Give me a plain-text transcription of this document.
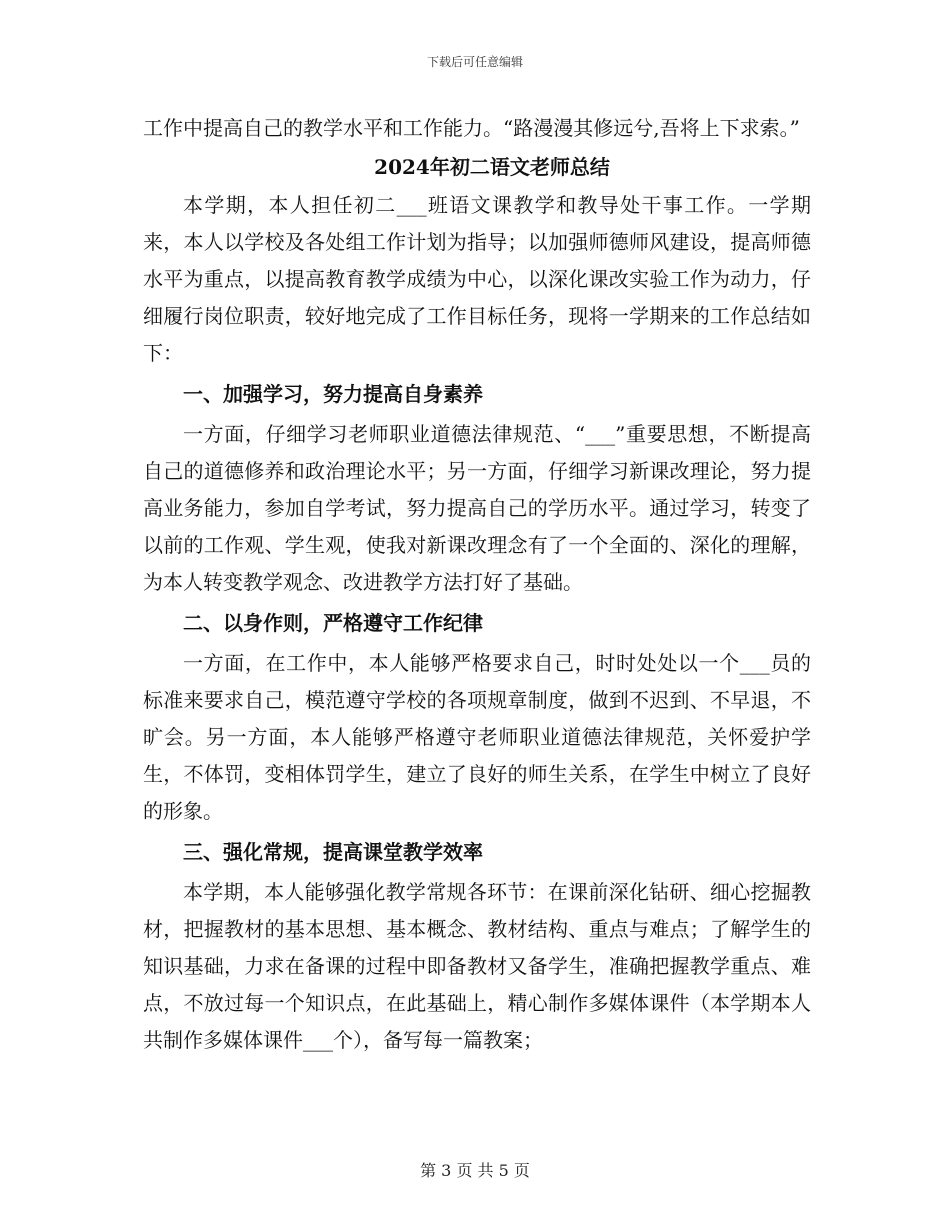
下载后可任意编辑

工作中提高自己的教学水平和工作能力。“路漫漫其修远兮,吾将上下求索。”

2024年初二语文老师总结

本学期，本人担任初二___班语文课教学和教导处干事工作。一学期来，本人以学校及各处组工作计划为指导；以加强师德师风建设，提高师德水平为重点，以提高教育教学成绩为中心，以深化课改实验工作为动力，仔细履行岗位职责，较好地完成了工作目标任务，现将一学期来的工作总结如下：

一、加强学习，努力提高自身素养

一方面，仔细学习老师职业道德法律规范、“___”重要思想，不断提高自己的道德修养和政治理论水平；另一方面，仔细学习新课改理论，努力提高业务能力，参加自学考试，努力提高自己的学历水平。通过学习，转变了以前的工作观、学生观，使我对新课改理念有了一个全面的、深化的理解，为本人转变教学观念、改进教学方法打好了基础。

二、以身作则，严格遵守工作纪律

一方面，在工作中，本人能够严格要求自己，时时处处以一个___员的标准来要求自己，模范遵守学校的各项规章制度，做到不迟到、不早退，不旷会。另一方面，本人能够严格遵守老师职业道德法律规范，关怀爱护学生，不体罚，变相体罚学生，建立了良好的师生关系，在学生中树立了良好的形象。

三、强化常规，提高课堂教学效率

本学期，本人能够强化教学常规各环节：在课前深化钻研、细心挖掘教材，把握教材的基本思想、基本概念、教材结构、重点与难点；了解学生的知识基础，力求在备课的过程中即备教材又备学生，准确把握教学重点、难点，不放过每一个知识点，在此基础上，精心制作多媒体课件（本学期本人共制作多媒体课件___个），备写每一篇教案；

第 3 页 共 5 页
